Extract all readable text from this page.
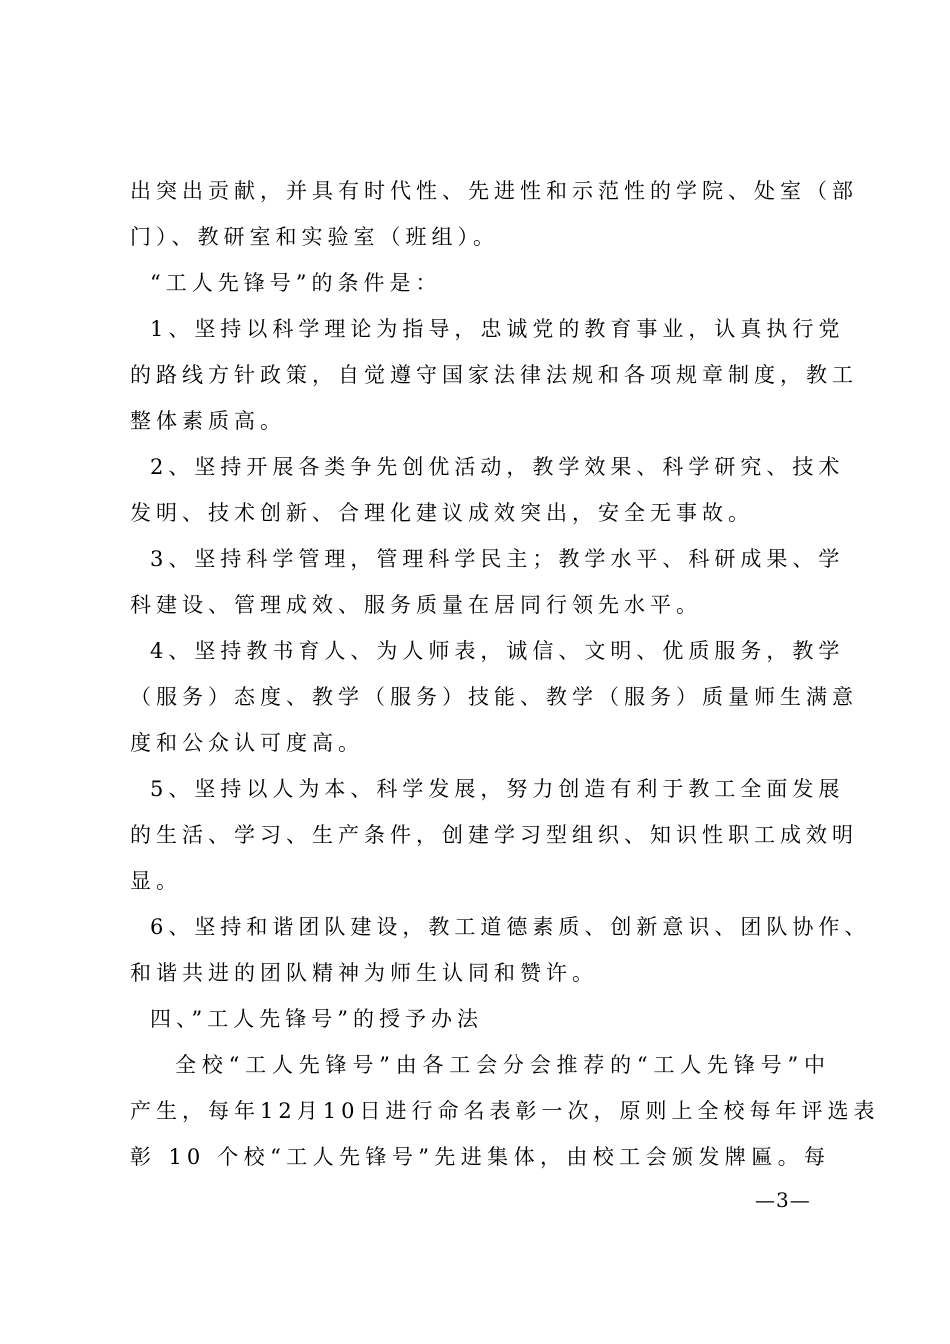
出突出贡献，并具有时代性、先进性和示范性的学院、处室（部
门）、教研室和实验室（班组）。
“工人先锋号”的条件是：
1、坚持以科学理论为指导，忠诚党的教育事业，认真执行党
的路线方针政策，自觉遵守国家法律法规和各项规章制度，教工
整体素质高。
2、坚持开展各类争先创优活动，教学效果、科学研究、技术
发明、技术创新、合理化建议成效突出，安全无事故。
3、坚持科学管理，管理科学民主；教学水平、科研成果、学
科建设、管理成效、服务质量在居同行领先水平。
4、坚持教书育人、为人师表，诚信、文明、优质服务，教学
（服务）态度、教学（服务）技能、教学（服务）质量师生满意
度和公众认可度高。
5、坚持以人为本、科学发展，努力创造有利于教工全面发展
的生活、学习、生产条件，创建学习型组织、知识性职工成效明
显。
6、坚持和谐团队建设，教工道德素质、创新意识、团队协作、
和谐共进的团队精神为师生认同和赞许。
四、”工人先锋号”的授予办法
全校“工人先锋号”由各工会分会推荐的“工人先锋号”中
产生，每年12月10日进行命名表彰一次，原则上全校每年评选表
彰 10 个校“工人先锋号”先进集体，由校工会颁发牌匾。每
—3—
